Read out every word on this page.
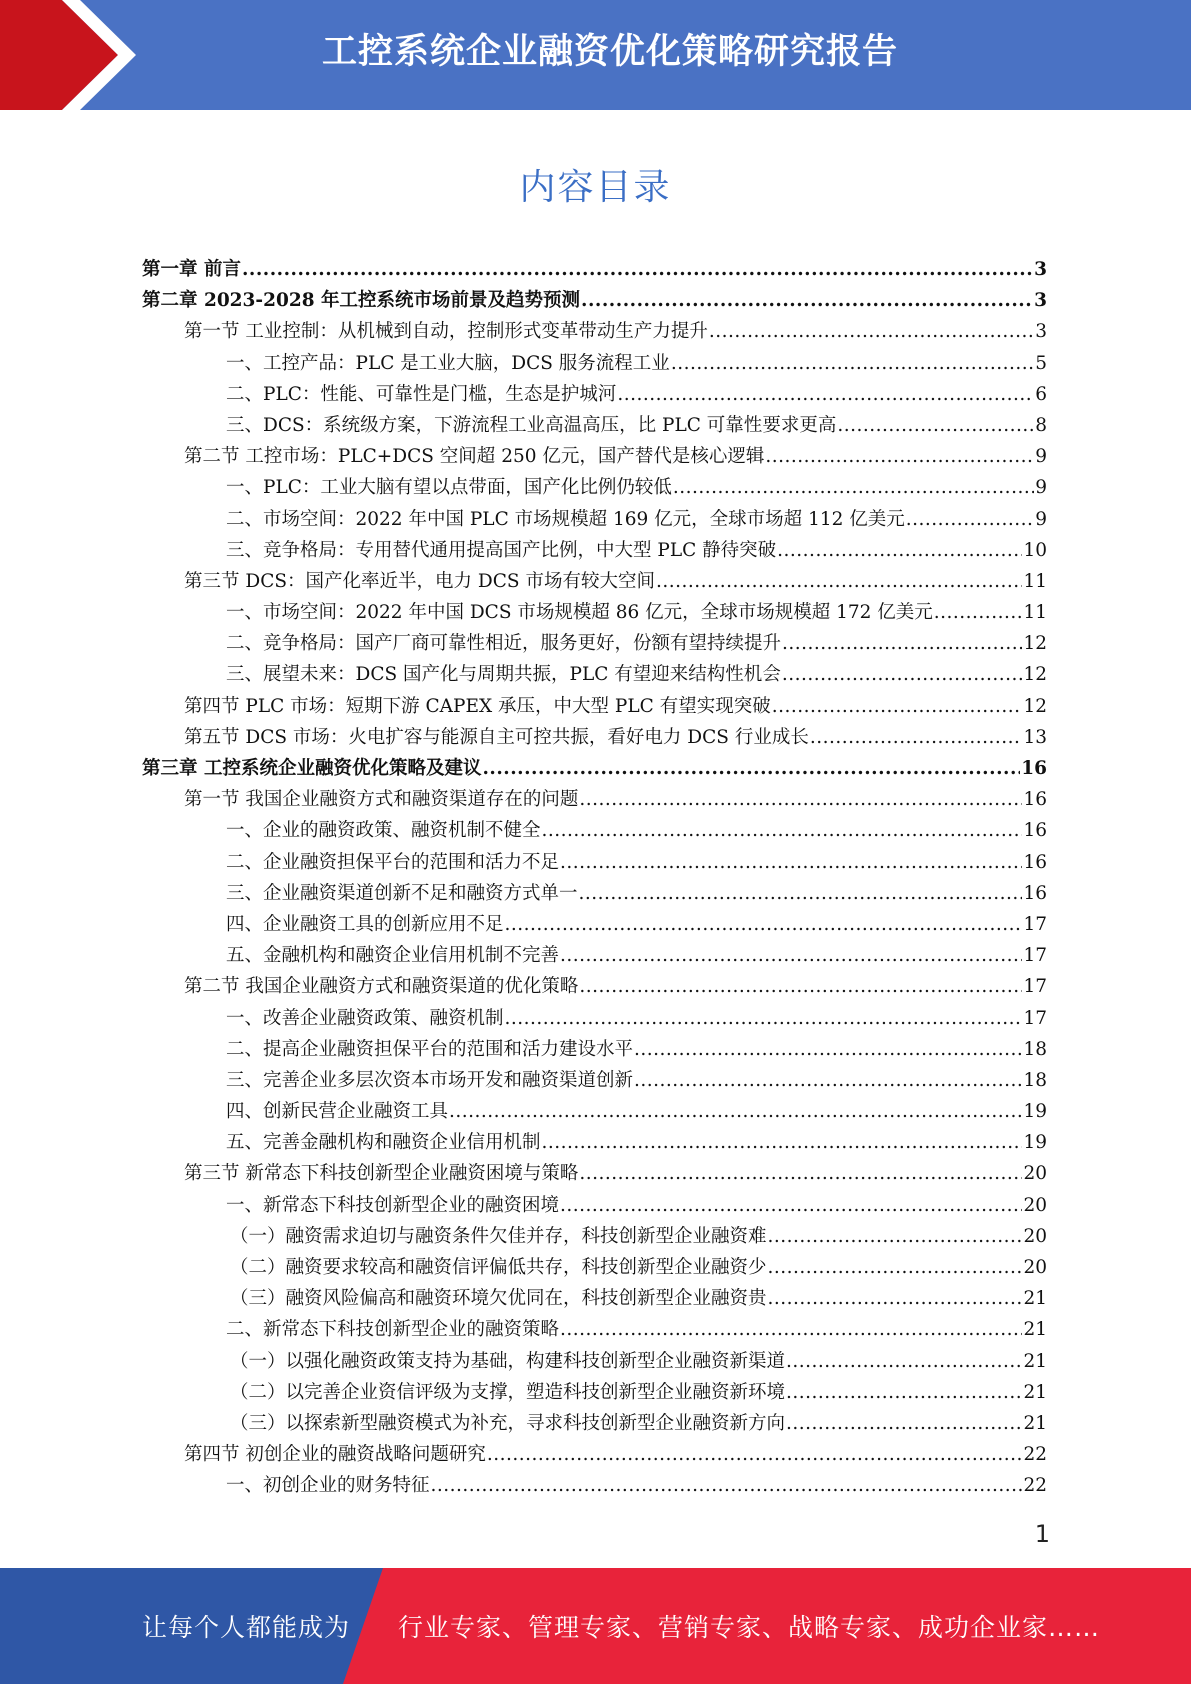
工控系统企业融资优化策略研究报告
内容目录
第一章 前言 .....	3
第二章 2023-2028 年工控系统市场前景及趋势预测 .....	3
第一节 工业控制：从机械到自动，控制形式变革带动生产力提升 .....	3
一、工控产品：PLC 是工业大脑，DCS 服务流程工业 .....	5
二、PLC：性能、可靠性是门槛，生态是护城河 .....	6
三、DCS：系统级方案，下游流程工业高温高压，比 PLC 可靠性要求更高 .....	8
第二节 工控市场：PLC+DCS 空间超 250 亿元，国产替代是核心逻辑 .....	9
一、PLC：工业大脑有望以点带面，国产化比例仍较低 .....	9
二、市场空间：2022 年中国 PLC 市场规模超 169 亿元，全球市场超 112 亿美元 .....	9
三、竞争格局：专用替代通用提高国产比例，中大型 PLC 静待突破 .....	10
第三节 DCS：国产化率近半，电力 DCS 市场有较大空间 .....	11
一、市场空间：2022 年中国 DCS 市场规模超 86 亿元，全球市场规模超 172 亿美元 .....	11
二、竞争格局：国产厂商可靠性相近，服务更好，份额有望持续提升 .....	12
三、展望未来：DCS 国产化与周期共振，PLC 有望迎来结构性机会 .....	12
第四节 PLC 市场：短期下游 CAPEX 承压，中大型 PLC 有望实现突破 .....	12
第五节 DCS 市场：火电扩容与能源自主可控共振，看好电力 DCS 行业成长 .....	13
第三章 工控系统企业融资优化策略及建议 .....	16
第一节 我国企业融资方式和融资渠道存在的问题 .....	16
一、企业的融资政策、融资机制不健全 .....	16
二、企业融资担保平台的范围和活力不足 .....	16
三、企业融资渠道创新不足和融资方式单一 .....	16
四、企业融资工具的创新应用不足 .....	17
五、金融机构和融资企业信用机制不完善 .....	17
第二节 我国企业融资方式和融资渠道的优化策略 .....	17
一、改善企业融资政策、融资机制 .....	17
二、提高企业融资担保平台的范围和活力建设水平 .....	18
三、完善企业多层次资本市场开发和融资渠道创新 .....	18
四、创新民营企业融资工具 .....	19
五、完善金融机构和融资企业信用机制 .....	19
第三节 新常态下科技创新型企业融资困境与策略 .....	20
一、新常态下科技创新型企业的融资困境 .....	20
（一）融资需求迫切与融资条件欠佳并存，科技创新型企业融资难 .....	20
（二）融资要求较高和融资信评偏低共存，科技创新型企业融资少 .....	20
（三）融资风险偏高和融资环境欠优同在，科技创新型企业融资贵 .....	21
二、新常态下科技创新型企业的融资策略 .....	21
（一）以强化融资政策支持为基础，构建科技创新型企业融资新渠道 .....	21
（二）以完善企业资信评级为支撑，塑造科技创新型企业融资新环境 .....	21
（三）以探索新型融资模式为补充，寻求科技创新型企业融资新方向 .....	21
第四节 初创企业的融资战略问题研究 .....	22
一、初创企业的财务特征 .....	22
1
让每个人都能成为 行业专家、管理专家、营销专家、战略专家、成功企业家……
